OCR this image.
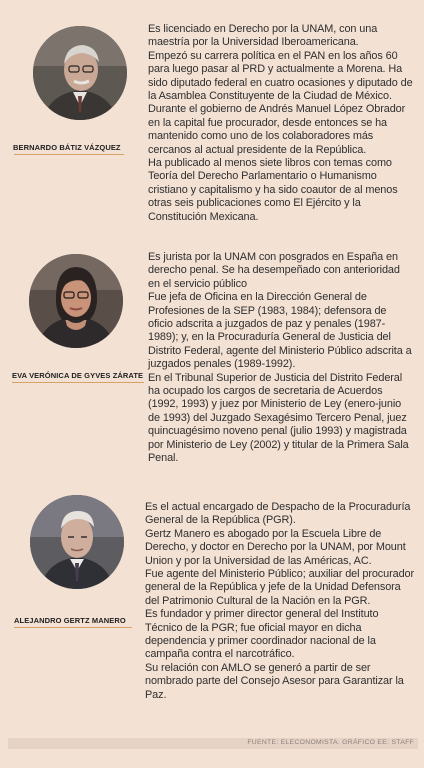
BERNARDO BÁTIZ VÁZQUEZ

Es licenciado en Derecho por la UNAM, con una maestría por la Universidad Iberoamericana.

Empezó su carrera política en el PAN en los años 60 para luego pasar al PRD y actualmente a Morena. Ha sido diputado federal en cuatro ocasiones y diputado de la Asamblea Constituyente de la Ciudad de México. Durante el gobierno de Andrés Manuel López Obrador en la capital fue procurador, desde entonces se ha mantenido como uno de los colaboradores más cercanos al actual presidente de la República.

Ha publicado al menos siete libros con temas como Teoría del Derecho Parlamentario o Humanismo cristiano y capitalismo y ha sido coautor de al menos otras seis publicaciones como El Ejército y la Constitución Mexicana.

EVA VERÓNICA DE GYVES ZÁRATE

Es jurista por la UNAM con posgrados en España en derecho penal. Se ha desempeñado con anterioridad en el servicio público

Fue jefa de Oficina en la Dirección General de Profesiones de la SEP (1983, 1984); defensora de oficio adscrita a juzgados de paz y penales (1987-1989); y, en la Procuraduría General de Justicia del Distrito Federal, agente del Ministerio Público adscrita a juzgados penales (1989-1992).

En el Tribunal Superior de Justicia del Distrito Federal ha ocupado los cargos de secretaria de Acuerdos (1992, 1993) y juez por Ministerio de Ley (enero-junio de 1993) del Juzgado Sexagésimo Tercero Penal, juez quincuagésimo noveno penal (julio 1993) y magistrada por Ministerio de Ley (2002) y titular de la Primera Sala Penal.

ALEJANDRO GERTZ MANERO

Es el actual encargado de Despacho de la Procuraduría General de la República (PGR).

Gertz Manero es abogado por la Escuela Libre de Derecho, y doctor en Derecho por la UNAM, por Mount Union y por la Universidad de las Américas, AC.

Fue agente del Ministerio Público; auxiliar del procurador general de la República y jefe de la Unidad Defensora del Patrimonio Cultural de la Nación en la PGR.

Es fundador y primer director general del Instituto Técnico de la PGR; fue oficial mayor en dicha dependencia y primer coordinador nacional de la campaña contra el narcotráfico.

Su relación con AMLO se generó a partir de ser nombrado parte del Consejo Asesor para Garantizar la Paz.

FUENTE: ELECONOMISTA. GRÁFICO EE: STAFF
